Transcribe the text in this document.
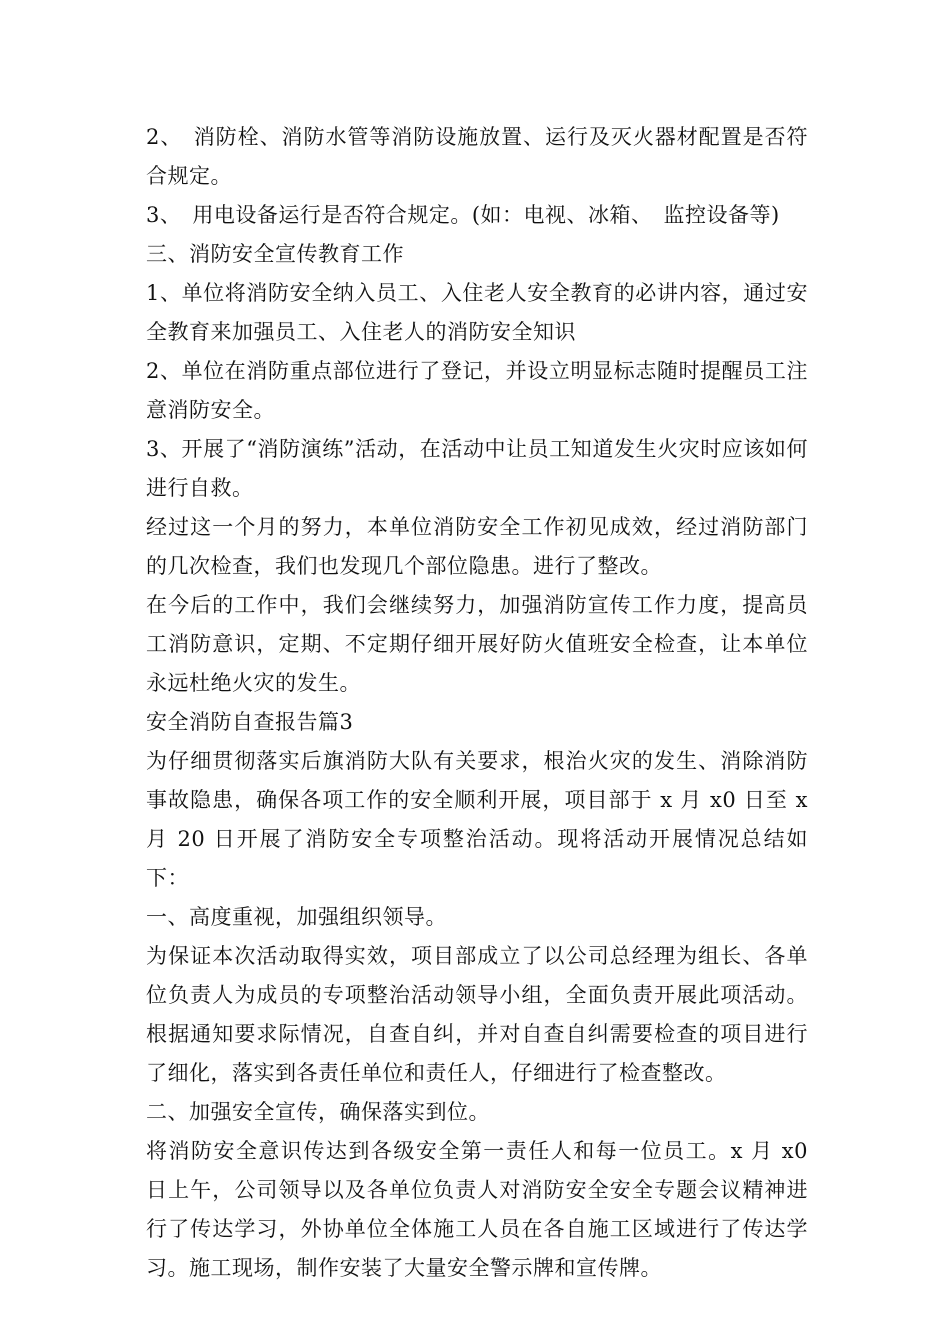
2、　消防栓、消防水管等消防设施放置、运行及灭火器材配置是否符合规定。

3、　用电设备运行是否符合规定。(如：电视、冰箱、　监控设备等)

三、消防安全宣传教育工作

1、单位将消防安全纳入员工、入住老人安全教育的必讲内容，通过安全教育来加强员工、入住老人的消防安全知识

2、单位在消防重点部位进行了登记，并设立明显标志随时提醒员工注意消防安全。

3、开展了“消防演练”活动，在活动中让员工知道发生火灾时应该如何进行自救。

经过这一个月的努力，本单位消防安全工作初见成效，经过消防部门的几次检查，我们也发现几个部位隐患。进行了整改。

在今后的工作中，我们会继续努力，加强消防宣传工作力度，提高员工消防意识，定期、不定期仔细开展好防火值班安全检查，让本单位永远杜绝火灾的发生。

安全消防自查报告篇3

为仔细贯彻落实后旗消防大队有关要求，根治火灾的发生、消除消防事故隐患，确保各项工作的安全顺利开展，项目部于 x 月 x0 日至 x 月 20 日开展了消防安全专项整治活动。现将活动开展情况总结如下：

一、高度重视，加强组织领导。

为保证本次活动取得实效，项目部成立了以公司总经理为组长、各单位负责人为成员的专项整治活动领导小组，全面负责开展此项活动。根据通知要求际情况，自查自纠，并对自查自纠需要检查的项目进行了细化，落实到各责任单位和责任人，仔细进行了检查整改。

二、加强安全宣传，确保落实到位。

将消防安全意识传达到各级安全第一责任人和每一位员工。x 月 x0 日上午，公司领导以及各单位负责人对消防安全安全专题会议精神进行了传达学习，外协单位全体施工人员在各自施工区域进行了传达学习。施工现场，制作安装了大量安全警示牌和宣传牌。
